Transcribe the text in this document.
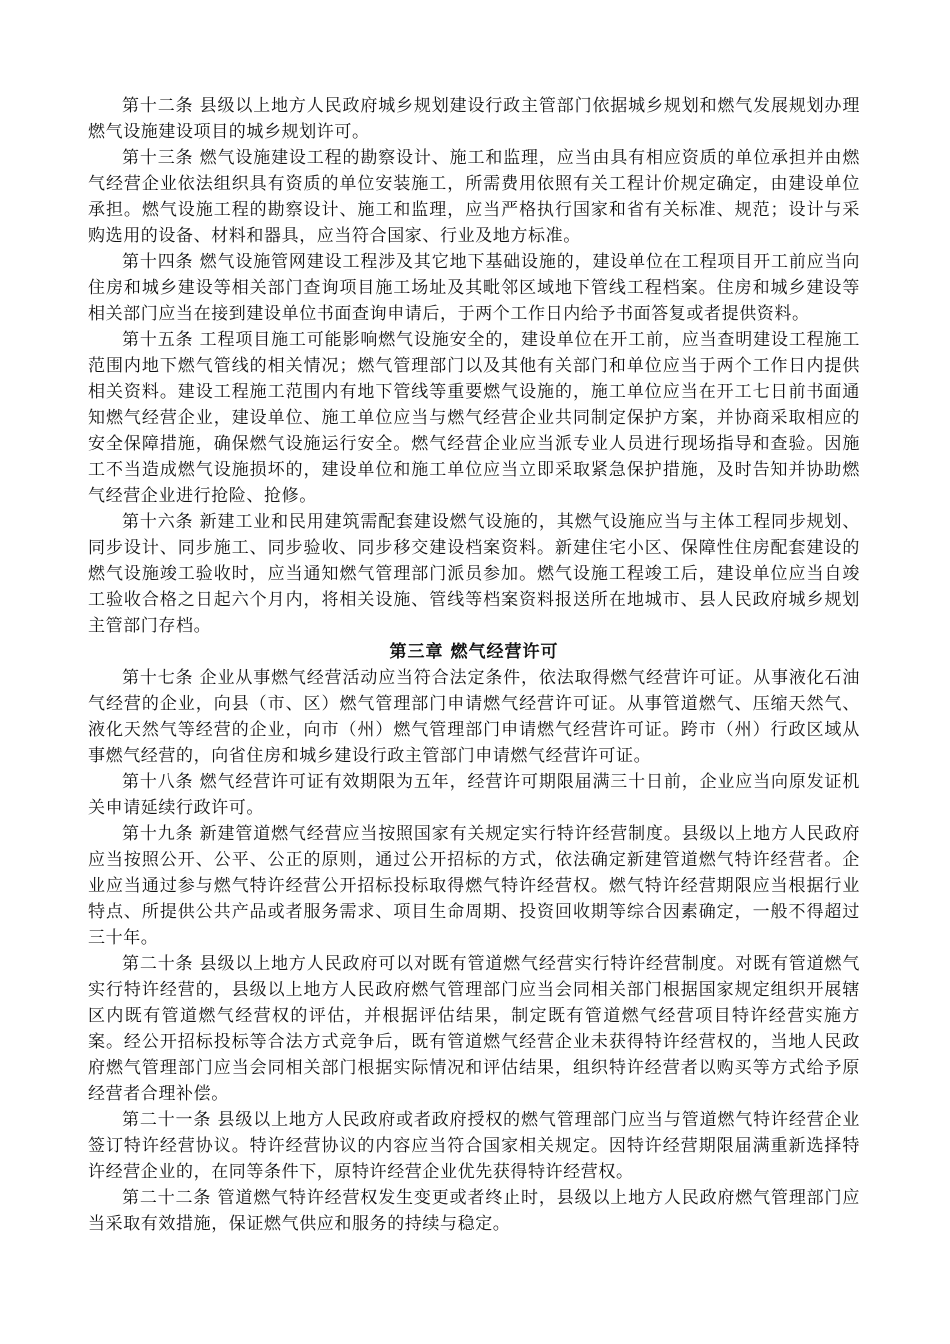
第十二条 县级以上地方人民政府城乡规划建设行政主管部门依据城乡规划和燃气发展规划办理燃气设施建设项目的城乡规划许可。

第十三条 燃气设施建设工程的勘察设计、施工和监理，应当由具有相应资质的单位承担并由燃气经营企业依法组织具有资质的单位安装施工，所需费用依照有关工程计价规定确定，由建设单位承担。燃气设施工程的勘察设计、施工和监理，应当严格执行国家和省有关标准、规范；设计与采购选用的设备、材料和器具，应当符合国家、行业及地方标准。

第十四条 燃气设施管网建设工程涉及其它地下基础设施的，建设单位在工程项目开工前应当向住房和城乡建设等相关部门查询项目施工场址及其毗邻区域地下管线工程档案。住房和城乡建设等相关部门应当在接到建设单位书面查询申请后，于两个工作日内给予书面答复或者提供资料。

第十五条 工程项目施工可能影响燃气设施安全的，建设单位在开工前，应当查明建设工程施工范围内地下燃气管线的相关情况；燃气管理部门以及其他有关部门和单位应当于两个工作日内提供相关资料。建设工程施工范围内有地下管线等重要燃气设施的，施工单位应当在开工七日前书面通知燃气经营企业，建设单位、施工单位应当与燃气经营企业共同制定保护方案，并协商采取相应的安全保障措施，确保燃气设施运行安全。燃气经营企业应当派专业人员进行现场指导和查验。因施工不当造成燃气设施损坏的，建设单位和施工单位应当立即采取紧急保护措施，及时告知并协助燃气经营企业进行抢险、抢修。

第十六条 新建工业和民用建筑需配套建设燃气设施的，其燃气设施应当与主体工程同步规划、同步设计、同步施工、同步验收、同步移交建设档案资料。新建住宅小区、保障性住房配套建设的燃气设施竣工验收时，应当通知燃气管理部门派员参加。燃气设施工程竣工后，建设单位应当自竣工验收合格之日起六个月内，将相关设施、管线等档案资料报送所在地城市、县人民政府城乡规划主管部门存档。

第三章 燃气经营许可

第十七条 企业从事燃气经营活动应当符合法定条件，依法取得燃气经营许可证。从事液化石油气经营的企业，向县（市、区）燃气管理部门申请燃气经营许可证。从事管道燃气、压缩天然气、液化天然气等经营的企业，向市（州）燃气管理部门申请燃气经营许可证。跨市（州）行政区域从事燃气经营的，向省住房和城乡建设行政主管部门申请燃气经营许可证。

第十八条 燃气经营许可证有效期限为五年，经营许可期限届满三十日前，企业应当向原发证机关申请延续行政许可。

第十九条 新建管道燃气经营应当按照国家有关规定实行特许经营制度。县级以上地方人民政府应当按照公开、公平、公正的原则，通过公开招标的方式，依法确定新建管道燃气特许经营者。企业应当通过参与燃气特许经营公开招标投标取得燃气特许经营权。燃气特许经营期限应当根据行业特点、所提供公共产品或者服务需求、项目生命周期、投资回收期等综合因素确定，一般不得超过三十年。

第二十条 县级以上地方人民政府可以对既有管道燃气经营实行特许经营制度。对既有管道燃气实行特许经营的，县级以上地方人民政府燃气管理部门应当会同相关部门根据国家规定组织开展辖区内既有管道燃气经营权的评估，并根据评估结果，制定既有管道燃气经营项目特许经营实施方案。经公开招标投标等合法方式竞争后，既有管道燃气经营企业未获得特许经营权的，当地人民政府燃气管理部门应当会同相关部门根据实际情况和评估结果，组织特许经营者以购买等方式给予原经营者合理补偿。

第二十一条 县级以上地方人民政府或者政府授权的燃气管理部门应当与管道燃气特许经营企业签订特许经营协议。特许经营协议的内容应当符合国家相关规定。因特许经营期限届满重新选择特许经营企业的，在同等条件下，原特许经营企业优先获得特许经营权。

第二十二条 管道燃气特许经营权发生变更或者终止时，县级以上地方人民政府燃气管理部门应当采取有效措施，保证燃气供应和服务的持续与稳定。
